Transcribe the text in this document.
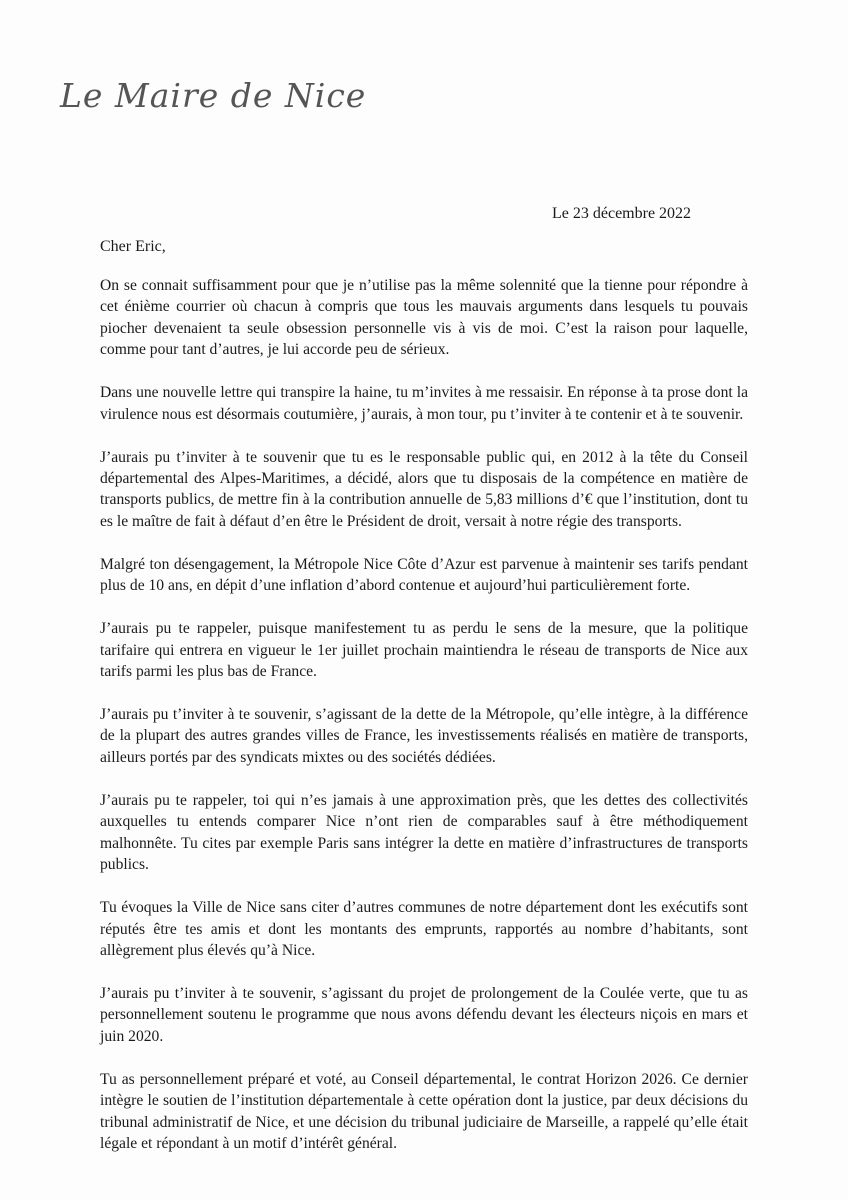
Le Maire de Nice

Le 23 décembre 2022

Cher Eric,

On se connait suffisamment pour que je n’utilise pas la même solennité que la tienne pour répondre à cet énième courrier où chacun à compris que tous les mauvais arguments dans lesquels tu pouvais piocher devenaient ta seule obsession personnelle vis à vis de moi. C’est la raison pour laquelle, comme pour tant d’autres, je lui accorde peu de sérieux.

Dans une nouvelle lettre qui transpire la haine, tu m’invites à me ressaisir. En réponse à ta prose dont la virulence nous est désormais coutumière, j’aurais, à mon tour, pu t’inviter à te contenir et à te souvenir.

J’aurais pu t’inviter à te souvenir que tu es le responsable public qui, en 2012 à la tête du Conseil départemental des Alpes-Maritimes, a décidé, alors que tu disposais de la compétence en matière de transports publics, de mettre fin à la contribution annuelle de 5,83 millions d’€ que l’institution, dont tu es le maître de fait à défaut d’en être le Président de droit, versait à notre régie des transports.

Malgré ton désengagement, la Métropole Nice Côte d’Azur est parvenue à maintenir ses tarifs pendant plus de 10 ans, en dépit d’une inflation d’abord contenue et aujourd’hui particulièrement forte.

J’aurais pu te rappeler, puisque manifestement tu as perdu le sens de la mesure, que la politique tarifaire qui entrera en vigueur le 1er juillet prochain maintiendra le réseau de transports de Nice aux tarifs parmi les plus bas de France.

J’aurais pu t’inviter à te souvenir, s’agissant de la dette de la Métropole, qu’elle intègre, à la différence de la plupart des autres grandes villes de France, les investissements réalisés en matière de transports, ailleurs portés par des syndicats mixtes ou des sociétés dédiées.

J’aurais pu te rappeler, toi qui n’es jamais à une approximation près, que les dettes des collectivités auxquelles tu entends comparer Nice n’ont rien de comparables sauf à être méthodiquement malhonnête. Tu cites par exemple Paris sans intégrer la dette en matière d’infrastructures de transports publics.

Tu évoques la Ville de Nice sans citer d’autres communes de notre département dont les exécutifs sont réputés être tes amis et dont les montants des emprunts, rapportés au nombre d’habitants, sont allègrement plus élevés qu’à Nice.

J’aurais pu t’inviter à te souvenir, s’agissant du projet de prolongement de la Coulée verte, que tu as personnellement soutenu le programme que nous avons défendu devant les électeurs niçois en mars et juin 2020.

Tu as personnellement préparé et voté, au Conseil départemental, le contrat Horizon 2026. Ce dernier intègre le soutien de l’institution départementale à cette opération dont la justice, par deux décisions du tribunal administratif de Nice, et une décision du tribunal judiciaire de Marseille, a rappelé qu’elle était légale et répondant à un motif d’intérêt général.
